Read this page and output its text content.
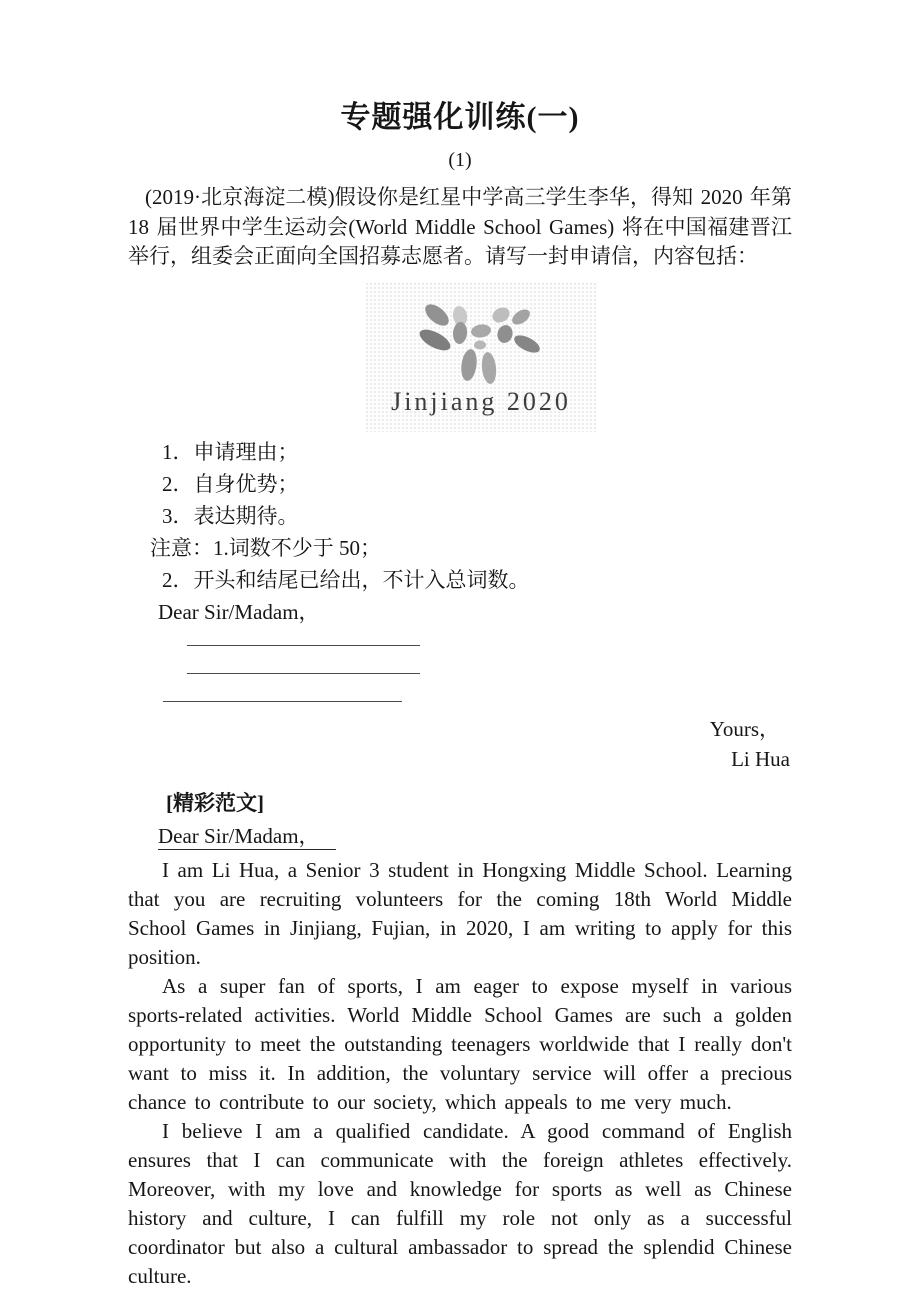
专题强化训练(一)
(1)

(2019·北京海淀二模)假设你是红星中学高三学生李华，得知 2020 年第 18 届世界中学生运动会(World Middle School Games) 将在中国福建晋江举行，组委会正面向全国招募志愿者。请写一封申请信，内容包括：

Jinjiang 2020
1．申请理由；
2．自身优势；
3．表达期待。
注意：1.词数不少于 50；
2．开头和结尾已给出，不计入总词数。
Dear Sir/Madam，
Yours，
Li Hua
[精彩范文]
Dear Sir/Madam，

I am Li Hua, a Senior 3 student in Hongxing Middle School. Learning that you are recruiting volunteers for the coming 18th World Middle School Games in Jinjiang, Fujian, in 2020, I am writing to apply for this position.

As a super fan of sports, I am eager to expose myself in various sports-related activities. World Middle School Games are such a golden opportunity to meet the outstanding teenagers worldwide that I really don't want to miss it. In addition, the voluntary service will offer a precious chance to contribute to our society, which appeals to me very much.

I believe I am a qualified candidate. A good command of English ensures that I can communicate with the foreign athletes effectively. Moreover, with my love and knowledge for sports as well as Chinese history and culture, I can fulfill my role not only as a successful coordinator but also a cultural ambassador to spread the splendid Chinese culture.
